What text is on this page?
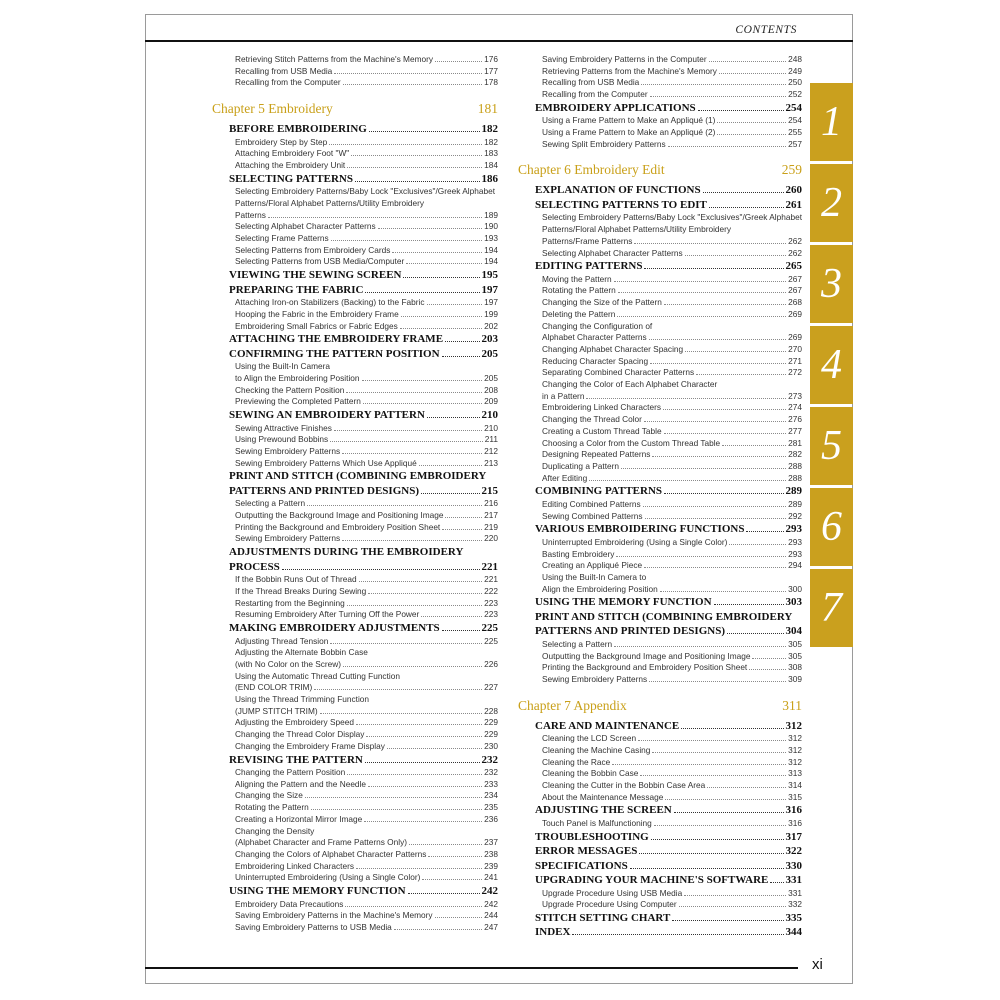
CONTENTS
Retrieving Stitch Patterns from the Machine's Memory	176
Recalling from USB Media	177
Recalling from the Computer	178
Chapter 5 Embroidery	181
BEFORE EMBROIDERING	182
Embroidery Step by Step	182
Attaching Embroidery Foot "W"	183
Attaching the Embroidery Unit	184
SELECTING PATTERNS	186
Selecting Embroidery Patterns/Baby Lock "Exclusives"/Greek Alphabet Patterns/Floral Alphabet Patterns/Utility Embroidery
Patterns	189
Selecting Alphabet Character Patterns	190
Selecting Frame Patterns	193
Selecting Patterns from Embroidery Cards	194
Selecting Patterns from USB Media/Computer	194
VIEWING THE SEWING SCREEN	195
PREPARING THE FABRIC	197
Attaching Iron-on Stabilizers (Backing) to the Fabric	197
Hooping the Fabric in the Embroidery Frame	199
Embroidering Small Fabrics or Fabric Edges	202
ATTACHING THE EMBROIDERY FRAME	203
CONFIRMING THE PATTERN POSITION	205
Using the Built-In Camera
to Align the Embroidering Position	205
Checking the Pattern Position	208
Previewing the Completed Pattern	209
SEWING AN EMBROIDERY PATTERN	210
Sewing Attractive Finishes	210
Using Prewound Bobbins	211
Sewing Embroidery Patterns	212
Sewing Embroidery Patterns Which Use Appliqué	213
PRINT AND STITCH (COMBINING EMBROIDERY
PATTERNS AND PRINTED DESIGNS)	215
Selecting a Pattern	216
Outputting the Background Image and Positioning Image	217
Printing the Background and Embroidery Position Sheet	219
Sewing Embroidery Patterns	220
ADJUSTMENTS DURING THE EMBROIDERY
PROCESS	221
If the Bobbin Runs Out of Thread	221
If the Thread Breaks During Sewing	222
Restarting from the Beginning	223
Resuming Embroidery After Turning Off the Power	223
MAKING EMBROIDERY ADJUSTMENTS	225
Adjusting Thread Tension	225
Adjusting the Alternate Bobbin Case
(with No Color on the Screw)	226
Using the Automatic Thread Cutting Function
(END COLOR TRIM)	227
Using the Thread Trimming Function
(JUMP STITCH TRIM)	228
Adjusting the Embroidery Speed	229
Changing the Thread Color Display	229
Changing the Embroidery Frame Display	230
REVISING THE PATTERN	232
Changing the Pattern Position	232
Aligning the Pattern and the Needle	233
Changing the Size	234
Rotating the Pattern	235
Creating a Horizontal Mirror Image	236
Changing the Density
(Alphabet Character and Frame Patterns Only)	237
Changing the Colors of Alphabet Character Patterns	238
Embroidering Linked Characters	239
Uninterrupted Embroidering (Using a Single Color)	241
USING THE MEMORY FUNCTION	242
Embroidery Data Precautions	242
Saving Embroidery Patterns in the Machine's Memory	244
Saving Embroidery Patterns to USB Media	247
Saving Embroidery Patterns in the Computer	248
Retrieving Patterns from the Machine's Memory	249
Recalling from USB Media	250
Recalling from the Computer	252
EMBROIDERY APPLICATIONS	254
Using a Frame Pattern to Make an Appliqué (1)	254
Using a Frame Pattern to Make an Appliqué (2)	255
Sewing Split Embroidery Patterns	257
Chapter 6 Embroidery Edit	259
EXPLANATION OF FUNCTIONS	260
SELECTING PATTERNS TO EDIT	261
Selecting Embroidery Patterns/Baby Lock "Exclusives"/Greek Alphabet Patterns/Floral Alphabet Patterns/Utility Embroidery
Patterns/Frame Patterns	262
Selecting Alphabet Character Patterns	262
EDITING PATTERNS	265
Moving the Pattern	267
Rotating the Pattern	267
Changing the Size of the Pattern	268
Deleting the Pattern	269
Changing the Configuration of
Alphabet Character Patterns	269
Changing Alphabet Character Spacing	270
Reducing Character Spacing	271
Separating Combined Character Patterns	272
Changing the Color of Each Alphabet Character
in a Pattern	273
Embroidering Linked Characters	274
Changing the Thread Color	276
Creating a Custom Thread Table	277
Choosing a Color from the Custom Thread Table	281
Designing Repeated Patterns	282
Duplicating a Pattern	288
After Editing	288
COMBINING PATTERNS	289
Editing Combined Patterns	289
Sewing Combined Patterns	292
VARIOUS EMBROIDERING FUNCTIONS	293
Uninterrupted Embroidering (Using a Single Color)	293
Basting Embroidery	293
Creating an Appliqué Piece	294
Using the Built-In Camera to
Align the Embroidering Position	300
USING THE MEMORY FUNCTION	303
PRINT AND STITCH (COMBINING EMBROIDERY
PATTERNS AND PRINTED DESIGNS)	304
Selecting a Pattern	305
Outputting the Background Image and Positioning Image	305
Printing the Background and Embroidery Position Sheet	308
Sewing Embroidery Patterns	309
Chapter 7 Appendix	311
CARE AND MAINTENANCE	312
Cleaning the LCD Screen	312
Cleaning the Machine Casing	312
Cleaning the Race	312
Cleaning the Bobbin Case	313
Cleaning the Cutter in the Bobbin Case Area	314
About the Maintenance Message	315
ADJUSTING THE SCREEN	316
Touch Panel is Malfunctioning	316
TROUBLESHOOTING	317
ERROR MESSAGES	322
SPECIFICATIONS	330
UPGRADING YOUR MACHINE'S SOFTWARE 331
Upgrade Procedure Using USB Media	331
Upgrade Procedure Using Computer	332
STITCH SETTING CHART	335
INDEX	344
1
2
3
4
5
6
7
xi
